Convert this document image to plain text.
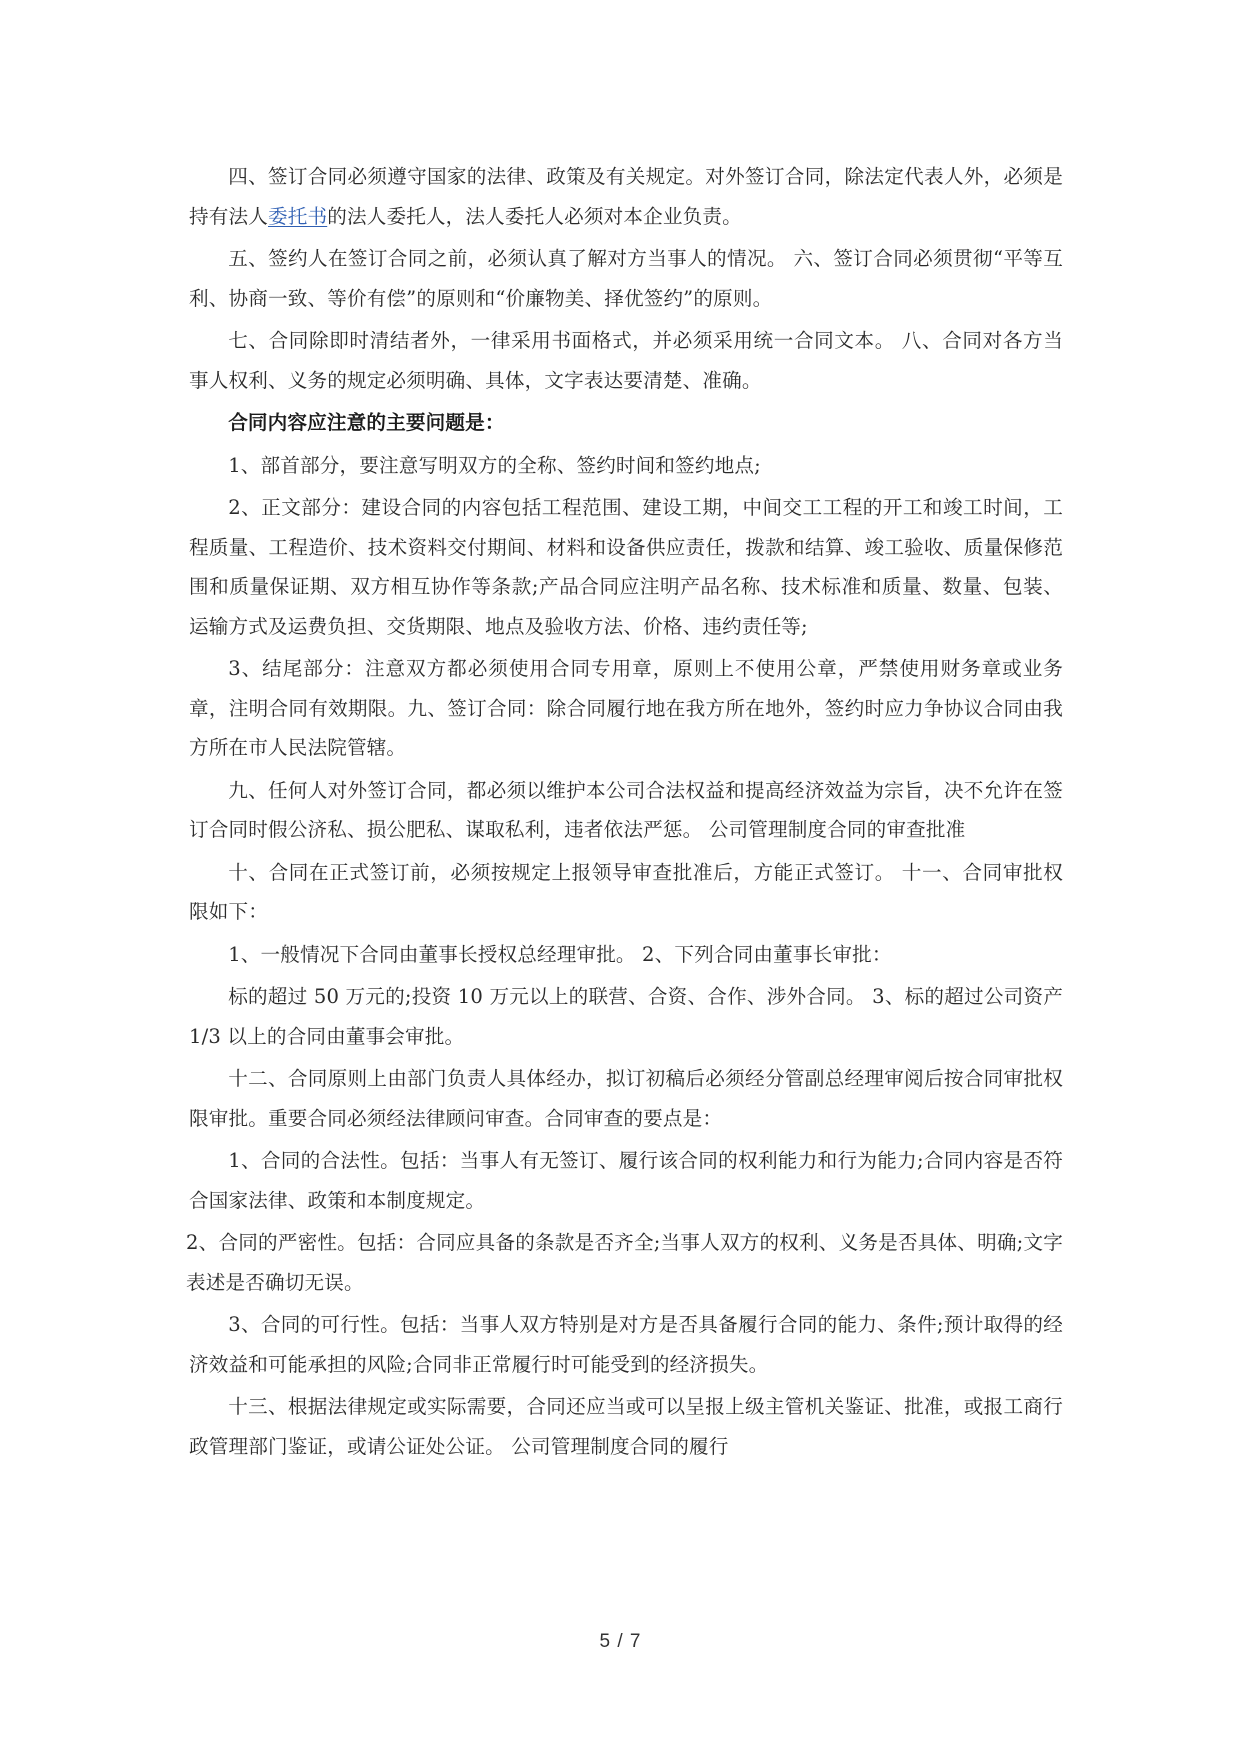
四、签订合同必须遵守国家的法律、政策及有关规定。对外签订合同，除法定代表人外，必须是持有法人委托书的法人委托人，法人委托人必须对本企业负责。

五、签约人在签订合同之前，必须认真了解对方当事人的情况。 六、签订合同必须贯彻“平等互利、协商一致、等价有偿”的原则和“价廉物美、择优签约”的原则。

七、合同除即时清结者外，一律采用书面格式，并必须采用统一合同文本。 八、合同对各方当事人权利、义务的规定必须明确、具体，文字表达要清楚、准确。

合同内容应注意的主要问题是：

1、部首部分，要注意写明双方的全称、签约时间和签约地点;

2、正文部分：建设合同的内容包括工程范围、建设工期，中间交工工程的开工和竣工时间，工程质量、工程造价、技术资料交付期间、材料和设备供应责任，拨款和结算、竣工验收、质量保修范围和质量保证期、双方相互协作等条款;产品合同应注明产品名称、技术标准和质量、数量、包装、运输方式及运费负担、交货期限、地点及验收方法、价格、违约责任等;

3、结尾部分：注意双方都必须使用合同专用章，原则上不使用公章，严禁使用财务章或业务章，注明合同有效期限。九、签订合同：除合同履行地在我方所在地外，签约时应力争协议合同由我方所在市人民法院管辖。

九、任何人对外签订合同，都必须以维护本公司合法权益和提高经济效益为宗旨，决不允许在签订合同时假公济私、损公肥私、谋取私利，违者依法严惩。 公司管理制度合同的审查批准

十、合同在正式签订前，必须按规定上报领导审查批准后，方能正式签订。 十一、合同审批权限如下：

1、一般情况下合同由董事长授权总经理审批。 2、下列合同由董事长审批：

标的超过 50 万元的;投资 10 万元以上的联营、合资、合作、涉外合同。 3、标的超过公司资产 1/3 以上的合同由董事会审批。

十二、合同原则上由部门负责人具体经办，拟订初稿后必须经分管副总经理审阅后按合同审批权限审批。重要合同必须经法律顾问审查。合同审查的要点是：

1、合同的合法性。包括：当事人有无签订、履行该合同的权利能力和行为能力;合同内容是否符合国家法律、政策和本制度规定。

2、合同的严密性。包括：合同应具备的条款是否齐全;当事人双方的权利、义务是否具体、明确;文字表述是否确切无误。

3、合同的可行性。包括：当事人双方特别是对方是否具备履行合同的能力、条件;预计取得的经济效益和可能承担的风险;合同非正常履行时可能受到的经济损失。

十三、根据法律规定或实际需要，合同还应当或可以呈报上级主管机关鉴证、批准，或报工商行政管理部门鉴证，或请公证处公证。 公司管理制度合同的履行

5 / 7
